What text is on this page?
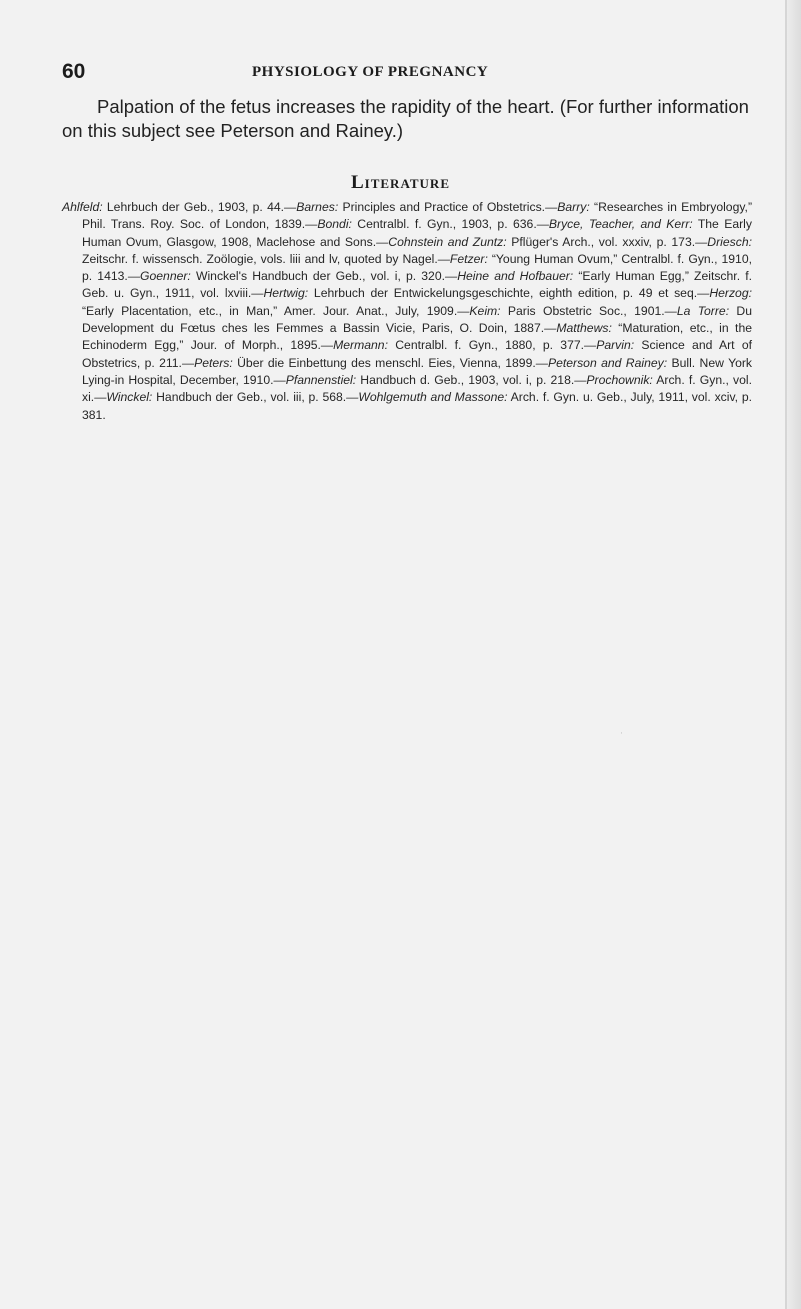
60	PHYSIOLOGY OF PREGNANCY

Palpation of the fetus increases the rapidity of the heart. (For further information on this subject see Peterson and Rainey.)

Literature

Ahlfeld: Lehrbuch der Geb., 1903, p. 44.—Barnes: Principles and Practice of Obstetrics.—Barry: “Researches in Embryology,” Phil. Trans. Roy. Soc. of London, 1839.—Bondi: Centralbl. f. Gyn., 1903, p. 636.—Bryce, Teacher, and Kerr: The Early Human Ovum, Glasgow, 1908, Maclehose and Sons.—Cohnstein and Zuntz: Pflüger's Arch., vol. xxxiv, p. 173.—Driesch: Zeitschr. f. wissensch. Zoölogie, vols. liii and lv, quoted by Nagel.—Fetzer: “Young Human Ovum,” Centralbl. f. Gyn., 1910, p. 1413.—Goenner: Winckel's Handbuch der Geb., vol. i, p. 320.—Heine and Hofbauer: “Early Human Egg,” Zeitschr. f. Geb. u. Gyn., 1911, vol. lxviii.—Hertwig: Lehrbuch der Entwickelungsgeschichte, eighth edition, p. 49 et seq.—Herzog: “Early Placentation, etc., in Man,” Amer. Jour. Anat., July, 1909.—Keim: Paris Obstetric Soc., 1901.—La Torre: Du Development du Fœtus ches les Femmes a Bassin Vicie, Paris, O. Doin, 1887.—Matthews: “Maturation, etc., in the Echinoderm Egg,” Jour. of Morph., 1895.—Mermann: Centralbl. f. Gyn., 1880, p. 377.—Parvin: Science and Art of Obstetrics, p. 211.—Peters: Über die Einbettung des menschl. Eies, Vienna, 1899.—Peterson and Rainey: Bull. New York Lying-in Hospital, December, 1910.—Pfannenstiel: Handbuch d. Geb., 1903, vol. i, p. 218.—Prochownik: Arch. f. Gyn., vol. xi.—Winckel: Handbuch der Geb., vol. iii, p. 568.—Wohlgemuth and Massone: Arch. f. Gyn. u. Geb., July, 1911, vol. xciv, p. 381.

·
